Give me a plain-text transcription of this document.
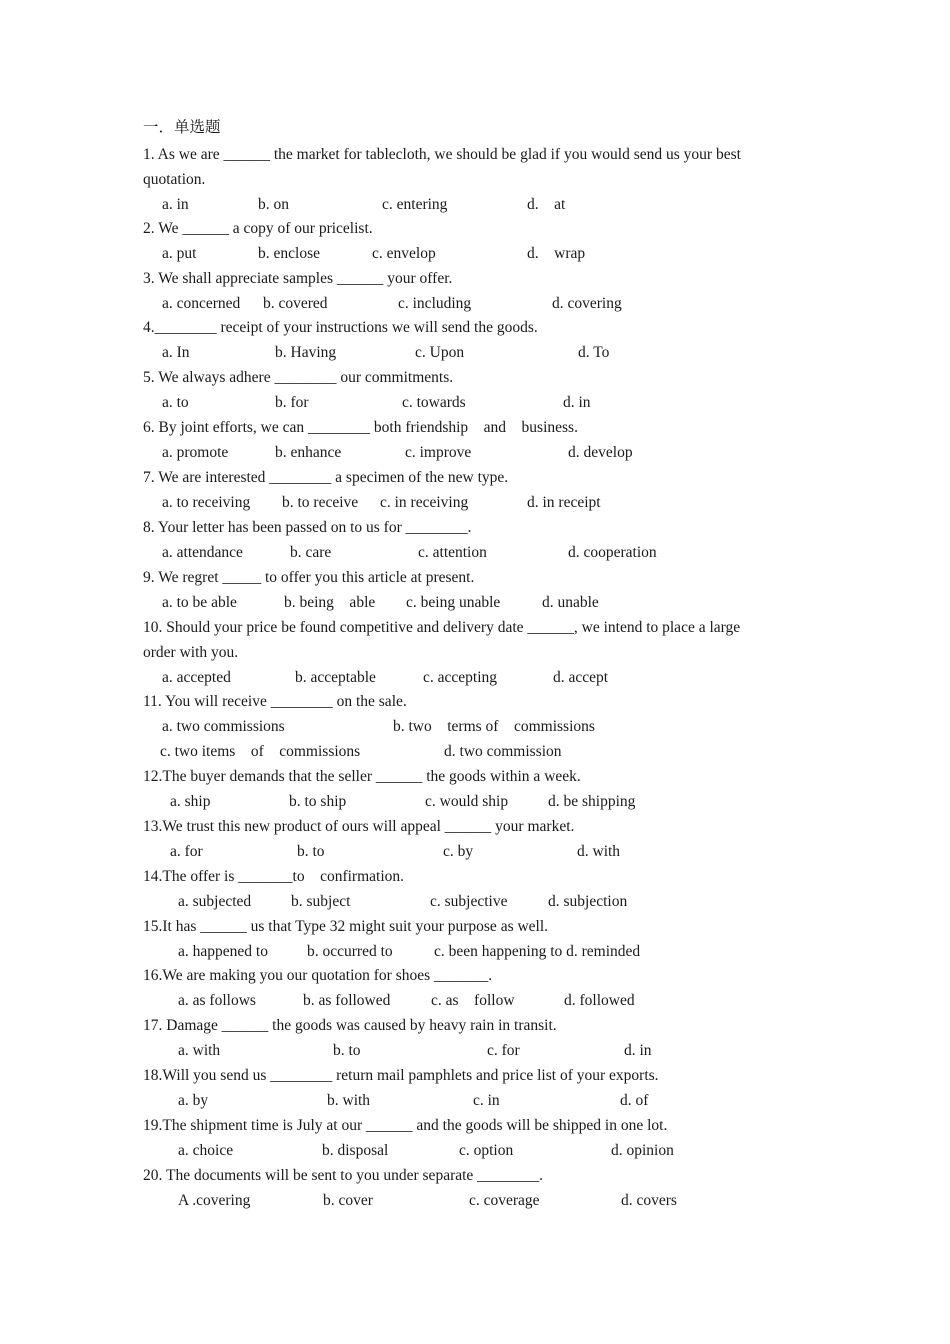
一．单选题
1. As we are ______ the market for tablecloth, we should be glad if you would send us your best
quotation.
a. in	b. on	c. entering	d.    at
2. We ______ a copy of our pricelist.
a. put	b. enclose	c. envelop	d.    wrap
3. We shall appreciate samples ______ your offer.
a. concerned b. covered	c. including	d. covering
4.________ receipt of your instructions we will send the goods.
a. In	b. Having	c. Upon	d. To
5. We always adhere ________ our commitments.
a. to	b. for	c. towards	d. in
6. By joint efforts, we can ________ both friendship    and    business.
a. promote	b. enhance	c. improve	d. develop
7. We are interested ________ a specimen of the new type.
a. to receiving b. to receive c. in receiving	d. in receipt
8. Your letter has been passed on to us for ________.
a. attendance	b. care	c. attention	d. cooperation
9. We regret _____ to offer you this article at present.
a. to be able	b. being    able c. being unable	d. unable
10. Should your price be found competitive and delivery date ______, we intend to place a large
order with you.
a. accepted	b. acceptable	c. accepting	d. accept
11. You will receive ________ on the sale.
a. two commissions	b. two    terms of    commissions
c. two items    of    commissions	d. two commission
12.The buyer demands that the seller ______ the goods within a week.
a. ship	b. to ship	c. would ship	d. be shipping
13.We trust this new product of ours will appeal ______ your market.
a. for	b. to	c. by	d. with
14.The offer is _______to    confirmation.
a. subjected	b. subject	c. subjective	d. subjection
15.It has ______ us that Type 32 might suit your purpose as well.
a. happened to	b. occurred to	c. been happening to d. reminded
16.We are making you our quotation for shoes _______.
a. as follows	b. as followed	c. as    follow	d. followed
17. Damage ______ the goods was caused by heavy rain in transit.
a. with	b. to	c. for	d. in
18.Will you send us ________ return mail pamphlets and price list of your exports.
a. by	b. with	c. in	d. of
19.The shipment time is July at our ______ and the goods will be shipped in one lot.
a. choice	b. disposal	c. option	d. opinion
20. The documents will be sent to you under separate ________.
A .covering	b. cover	c. coverage	d. covers
